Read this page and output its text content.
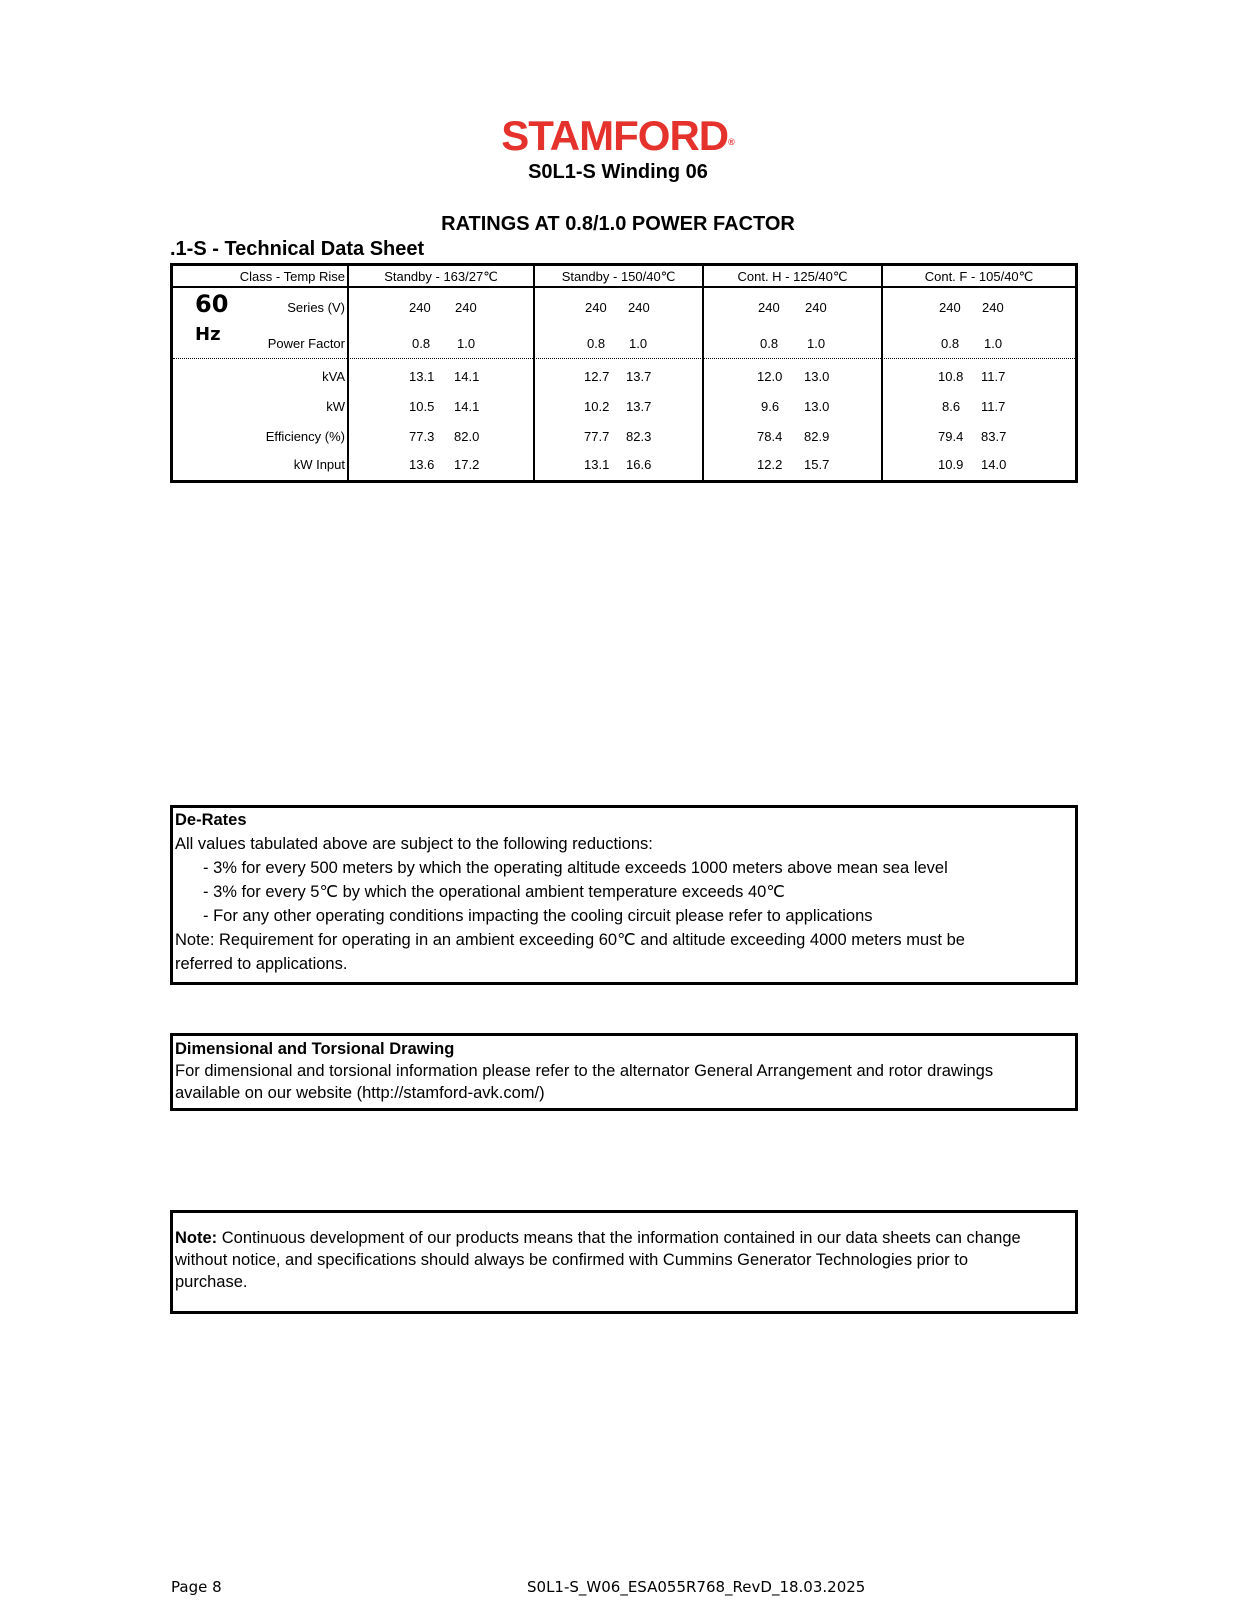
STAMFORD®
S0L1-S Winding 06
RATINGS AT 0.8/1.0 POWER FACTOR
.1-S - Technical Data Sheet
Class - Temp Rise
60
Hz
Series (V)
Power Factor
kVA
kW
Efficiency (%)
kW Input
Standby - 163/27℃
240 240
0.8 1.0
13.1 14.1
10.5 14.1
77.3 82.0
13.6 17.2
Standby - 150/40℃
240 240
0.8 1.0
12.7 13.7
10.2 13.7
77.7 82.3
13.1 16.6
Cont. H - 125/40℃
240 240
0.8 1.0
12.0 13.0
9.6 13.0
78.4 82.9
12.2 15.7
Cont. F - 105/40℃
240 240
0.8 1.0
10.8 11.7
8.6 11.7
79.4 83.7
10.9 14.0
De-Rates
All values tabulated above are subject to the following reductions:
- 3% for every 500 meters by which the operating altitude exceeds 1000 meters above mean sea level
- 3% for every 5℃ by which the operational ambient temperature exceeds 40℃
- For any other operating conditions impacting the cooling circuit please refer to applications
Note: Requirement for operating in an ambient exceeding 60℃ and altitude exceeding 4000 meters must be
referred to applications.
Dimensional and Torsional Drawing
For dimensional and torsional information please refer to the alternator General Arrangement and rotor drawings
available on our website (http://stamford-avk.com/)
Note: Continuous development of our products means that the information contained in our data sheets can change
without notice, and specifications should always be confirmed with Cummins Generator Technologies prior to
purchase.
Page 8	S0L1-S_W06_ESA055R768_RevD_18.03.2025
